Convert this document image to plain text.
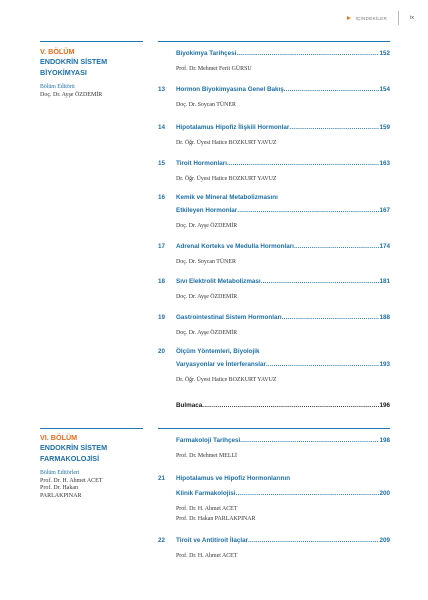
İÇİNDEKİLER	ix
V. BÖLÜM
ENDOKRİN SİSTEM
BİYOKİMYASI
Bölüm Editörü
Doç. Dr. Ayşe ÖZDEMİR
Biyokimya Tarihçesi .....	152
Prof. Dr. Mehmet Ferit GÜRSU
13	Hormon Biyokimyasına Genel Bakış .....	154
Doç. Dr. Soycan TÜNER
14	Hipotalamus Hipofiz İlişkili Hormonlar .....	159
Dr. Öğr. Üyesi Hatice BOZKURT YAVUZ
15	Tiroit Hormonları .....	163
Dr. Öğr. Üyesi Hatice BOZKURT YAVUZ
16	Kemik ve Mineral Metabolizmasını
Etkileyen Hormonlar .....	167
Doç. Dr. Ayşe ÖZDEMİR
17	Adrenal Korteks ve Medulla Hormonları .....	174
Doç. Dr. Soycan TÜNER
18	Sıvı Elektrolit Metabolizması .....	181
Doç. Dr. Ayşe ÖZDEMİR
19	Gastrointestinal Sistem Hormonları .....	188
Doç. Dr. Ayşe ÖZDEMİR
20	Ölçüm Yöntemleri, Biyolojik
Varyasyonlar ve İnterferanslar .....	193
Dr. Öğr. Üyesi Hatice BOZKURT YAVUZ
Bulmaca .....	196
VI. BÖLÜM
ENDOKRİN SİSTEM
FARMAKOLOJİSİ
Bölüm Editörleri
Prof. Dr. H. Ahmet ACET
Prof. Dr. Hakan
PARLAKPINAR
Farmakoloji Tarihçesi .....	198
Prof. Dr. Mehmet MELLİ
21	Hipotalamus ve Hipofiz Hormonlarının
Klinik Farmakolojisi .....	200
Prof. Dr. H. Ahmet ACET
Prof. Dr. Hakan PARLAKPINAR
22	Tiroit ve Antitiroit İlaçlar .....	209
Prof. Dr. H. Ahmet ACET
